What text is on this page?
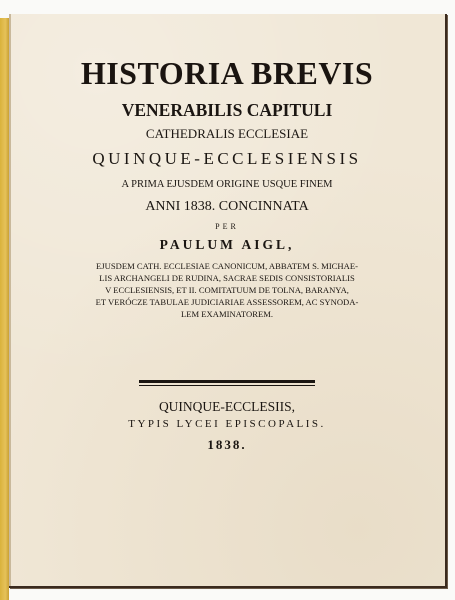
HISTORIA BREVIS
VENERABILIS CAPITULI
CATHEDRALIS ECCLESIAE
QUINQUE-ECCLESIENSIS
A PRIMA EJUSDEM ORIGINE USQUE FINEM
ANNI 1838. CONCINNATA
PER
PAULUM AIGL,
EJUSDEM CATH. ECCLESIAE CANONICUM, ABBATEM S. MICHAE-
LIS ARCHANGELI DE RUDINA, SACRAE SEDIS CONSISTORIALIS
V ECCLESIENSIS, ET II. COMITATUUM DE TOLNA, BARANYA,
ET VERÓCZE TABULAE JUDICIARIAE ASSESSOREM, AC SYNODA-
LEM EXAMINATOREM.
QUINQUE-ECCLESIIS,
TYPIS LYCEI EPISCOPALIS.
1838.
